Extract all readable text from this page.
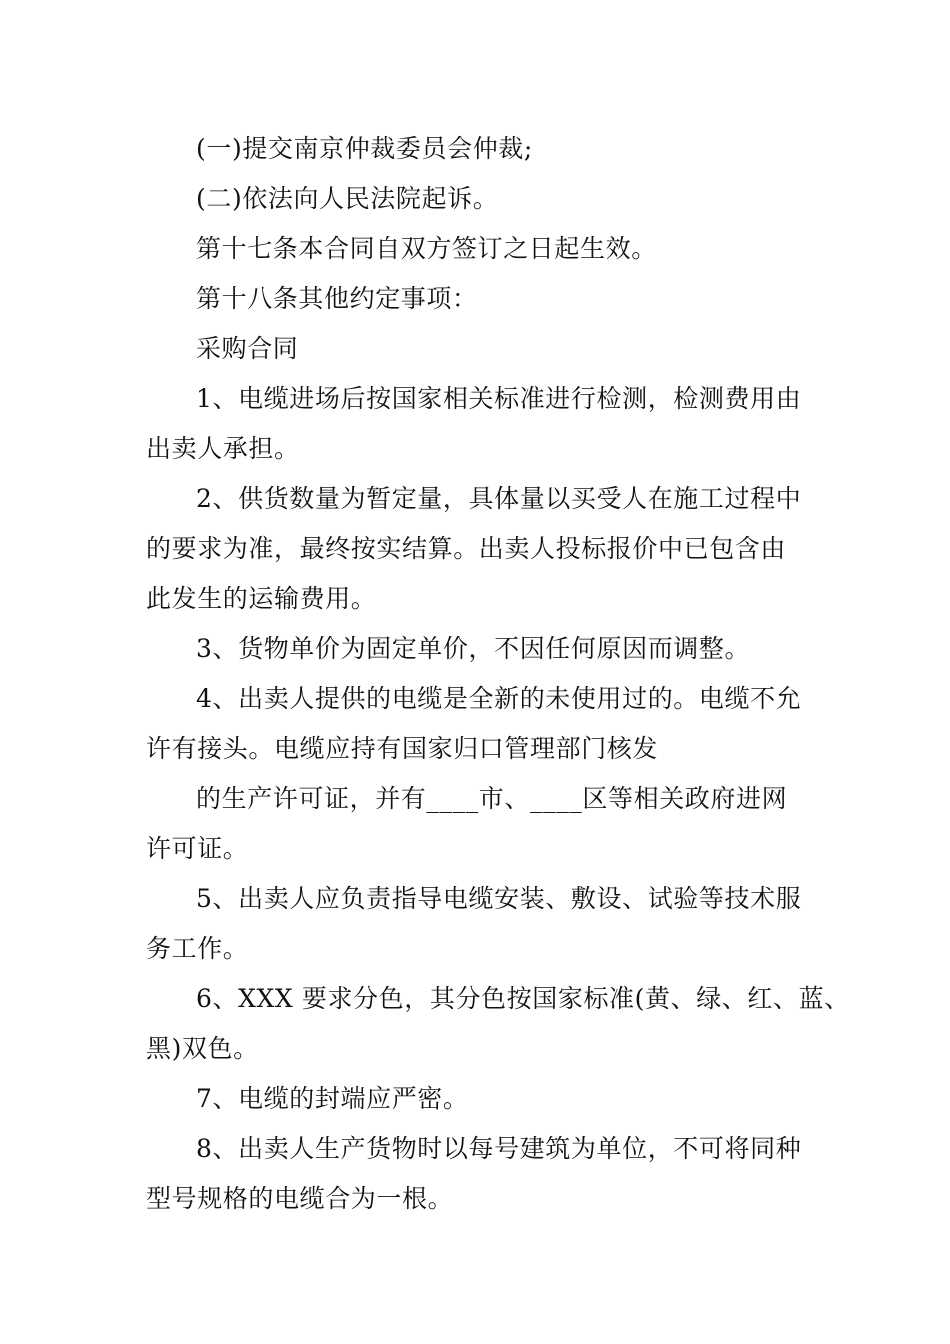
(一)提交南京仲裁委员会仲裁;
(二)依法向人民法院起诉。
第十七条本合同自双方签订之日起生效。
第十八条其他约定事项：
采购合同
1、电缆进场后按国家相关标准进行检测，检测费用由
出卖人承担。
2、供货数量为暂定量，具体量以买受人在施工过程中
的要求为准，最终按实结算。出卖人投标报价中已包含由
此发生的运输费用。
3、货物单价为固定单价，不因任何原因而调整。
4、出卖人提供的电缆是全新的未使用过的。电缆不允
许有接头。电缆应持有国家归口管理部门核发
的生产许可证，并有____市、____区等相关政府进网
许可证。
5、出卖人应负责指导电缆安装、敷设、试验等技术服
务工作。
6、XXX 要求分色，其分色按国家标准(黄、绿、红、蓝、
黑)双色。
7、电缆的封端应严密。
8、出卖人生产货物时以每号建筑为单位，不可将同种
型号规格的电缆合为一根。
